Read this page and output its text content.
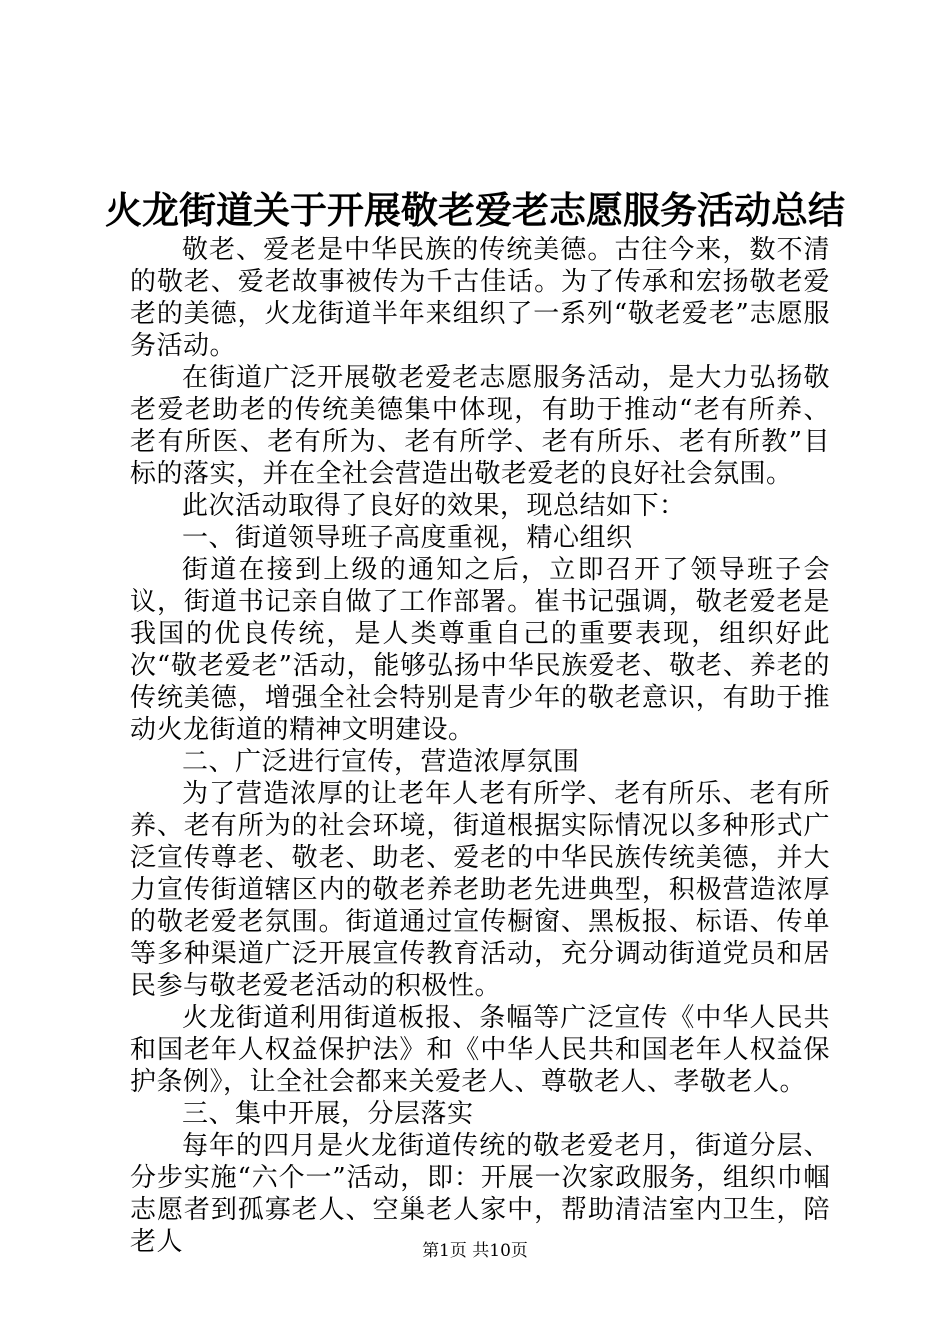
火龙街道关于开展敬老爱老志愿服务活动总结

敬老、爱老是中华民族的传统美德。古往今来，数不清的敬老、爱老故事被传为千古佳话。为了传承和宏扬敬老爱老的美德，火龙街道半年来组织了一系列“敬老爱老”志愿服务活动。

在街道广泛开展敬老爱老志愿服务活动，是大力弘扬敬老爱老助老的传统美德集中体现，有助于推动“老有所养、老有所医、老有所为、老有所学、老有所乐、老有所教”目标的落实，并在全社会营造出敬老爱老的良好社会氛围。

此次活动取得了良好的效果，现总结如下：

一、街道领导班子高度重视，精心组织

街道在接到上级的通知之后，立即召开了领导班子会议，街道书记亲自做了工作部署。崔书记强调，敬老爱老是我国的优良传统，是人类尊重自己的重要表现，组织好此次“敬老爱老”活动，能够弘扬中华民族爱老、敬老、养老的传统美德，增强全社会特别是青少年的敬老意识，有助于推动火龙街道的精神文明建设。

二、广泛进行宣传，营造浓厚氛围

为了营造浓厚的让老年人老有所学、老有所乐、老有所养、老有所为的社会环境，街道根据实际情况以多种形式广泛宣传尊老、敬老、助老、爱老的中华民族传统美德，并大力宣传街道辖区内的敬老养老助老先进典型，积极营造浓厚的敬老爱老氛围。街道通过宣传橱窗、黑板报、标语、传单等多种渠道广泛开展宣传教育活动，充分调动街道党员和居民参与敬老爱老活动的积极性。

火龙街道利用街道板报、条幅等广泛宣传《中华人民共和国老年人权益保护法》和《中华人民共和国老年人权益保护条例》，让全社会都来关爱老人、尊敬老人、孝敬老人。

三、集中开展，分层落实

每年的四月是火龙街道传统的敬老爱老月，街道分层、分步实施“六个一”活动，即：开展一次家政服务，组织巾帼志愿者到孤寡老人、空巢老人家中，帮助清洁室内卫生，陪老人	第1页 共10页
